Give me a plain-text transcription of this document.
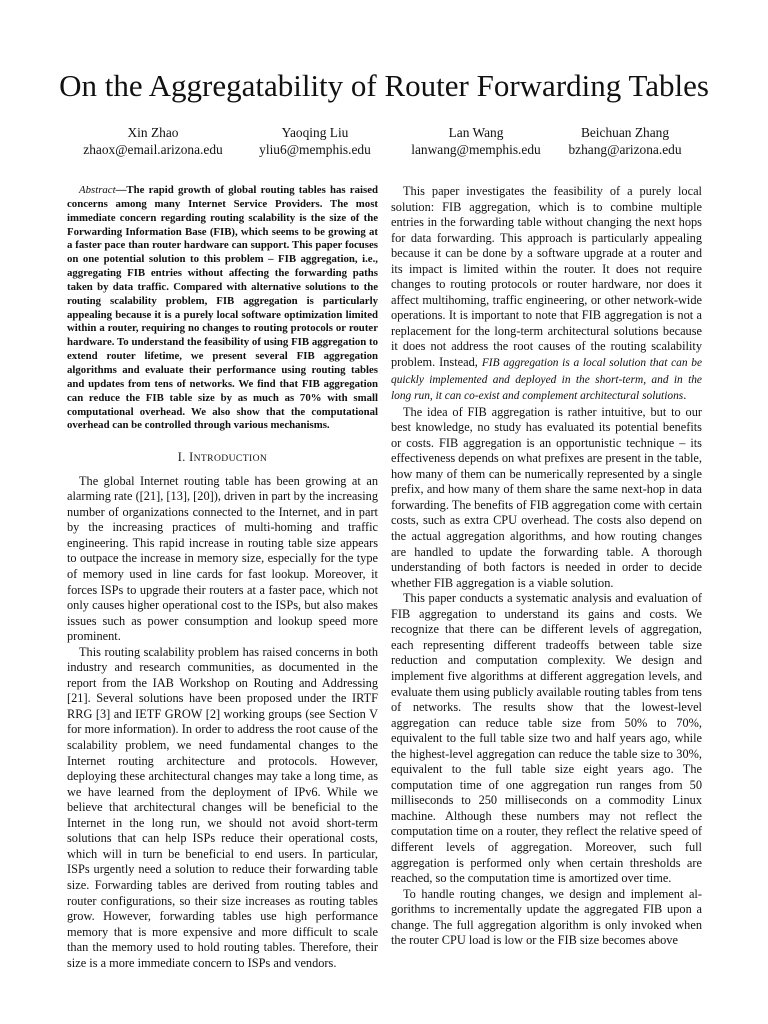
On the Aggregatability of Router Forwarding Tables
Xin Zhao
zhaox@email.arizona.edu
Yaoqing Liu
yliu6@memphis.edu
Lan Wang
lanwang@memphis.edu
Beichuan Zhang
bzhang@arizona.edu

Abstract—The rapid growth of global routing tables has raised concerns among many Internet Service Providers. The most immediate concern regarding routing scalability is the size of the Forwarding Information Base (FIB), which seems to be growing at a faster pace than router hardware can support. This paper focuses on one potential solution to this problem – FIB aggregation, i.e., aggregating FIB entries without affecting the forwarding paths taken by data traffic. Compared with alternative solutions to the routing scalability problem, FIB aggregation is particularly appealing because it is a purely local software optimization limited within a router, requiring no changes to routing protocols or router hardware. To understand the feasibility of using FIB aggregation to extend router lifetime, we present several FIB aggregation algorithms and evaluate their performance using routing tables and updates from tens of networks. We find that FIB aggregation can reduce the FIB table size by as much as 70% with small computational overhead. We also show that the computational overhead can be controlled through various mechanisms.

I. INTRODUCTION

The global Internet routing table has been growing at an alarming rate ([21], [13], [20]), driven in part by the increasing number of organizations connected to the Internet, and in part by the increasing practices of multi-homing and traffic engineering. This rapid increase in routing table size appears to outpace the increase in memory size, especially for the type of memory used in line cards for fast lookup. Moreover, it forces ISPs to upgrade their routers at a faster pace, which not only causes higher operational cost to the ISPs, but also makes issues such as power consumption and lookup speed more prominent.

This routing scalability problem has raised concerns in both industry and research communities, as documented in the report from the IAB Workshop on Routing and Addressing [21]. Several solutions have been proposed under the IRTF RRG [3] and IETF GROW [2] working groups (see Section V for more information). In order to address the root cause of the scalability problem, we need fundamental changes to the Internet routing architecture and protocols. However, deploying these architectural changes may take a long time, as we have learned from the deployment of IPv6. While we believe that architectural changes will be beneficial to the Internet in the long run, we should not avoid short-term solutions that can help ISPs reduce their operational costs, which will in turn be beneficial to end users. In particular, ISPs urgently need a solution to reduce their forwarding table size. Forwarding tables are derived from routing tables and router configurations, so their size increases as routing tables grow. However, forwarding tables use high performance memory that is more expensive and more difficult to scale than the memory used to hold routing tables. Therefore, their size is a more immediate concern to ISPs and vendors.

This paper investigates the feasibility of a purely local solution: FIB aggregation, which is to combine multiple entries in the forwarding table without changing the next hops for data forwarding. This approach is particularly appealing because it can be done by a software upgrade at a router and its impact is limited within the router. It does not require changes to routing protocols or router hardware, nor does it affect multihoming, traffic engineering, or other network-wide operations. It is important to note that FIB aggregation is not a replacement for the long-term architectural solutions because it does not address the root causes of the routing scalability problem. Instead, FIB aggregation is a local solution that can be quickly implemented and deployed in the short-term, and in the long run, it can co-exist and complement architectural solutions.

The idea of FIB aggregation is rather intuitive, but to our best knowledge, no study has evaluated its potential benefits or costs. FIB aggregation is an opportunistic technique – its effectiveness depends on what prefixes are present in the table, how many of them can be numerically represented by a single prefix, and how many of them share the same next-hop in data forwarding. The benefits of FIB aggregation come with certain costs, such as extra CPU overhead. The costs also depend on the actual aggregation algorithms, and how routing changes are handled to update the forwarding table. A thorough understanding of both factors is needed in order to decide whether FIB aggregation is a viable solution.

This paper conducts a systematic analysis and evaluation of FIB aggregation to understand its gains and costs. We recognize that there can be different levels of aggregation, each representing different tradeoffs between table size reduction and computation complexity. We design and implement five algorithms at different aggregation levels, and evaluate them using publicly available routing tables from tens of networks. The results show that the lowest-level aggregation can reduce table size from 50% to 70%, equivalent to the full table size two and half years ago, while the highest-level aggregation can reduce the table size to 30%, equivalent to the full table size eight years ago. The computation time of one aggregation run ranges from 50 milliseconds to 250 milliseconds on a commodity Linux machine. Although these numbers may not reflect the computation time on a router, they reflect the relative speed of different levels of aggregation. Moreover, such full aggregation is performed only when certain thresholds are reached, so the computation time is amortized over time.

To handle routing changes, we design and implement algorithms to incrementally update the aggregated FIB upon a change. The full aggregation algorithm is only invoked when the router CPU load is low or the FIB size becomes above
